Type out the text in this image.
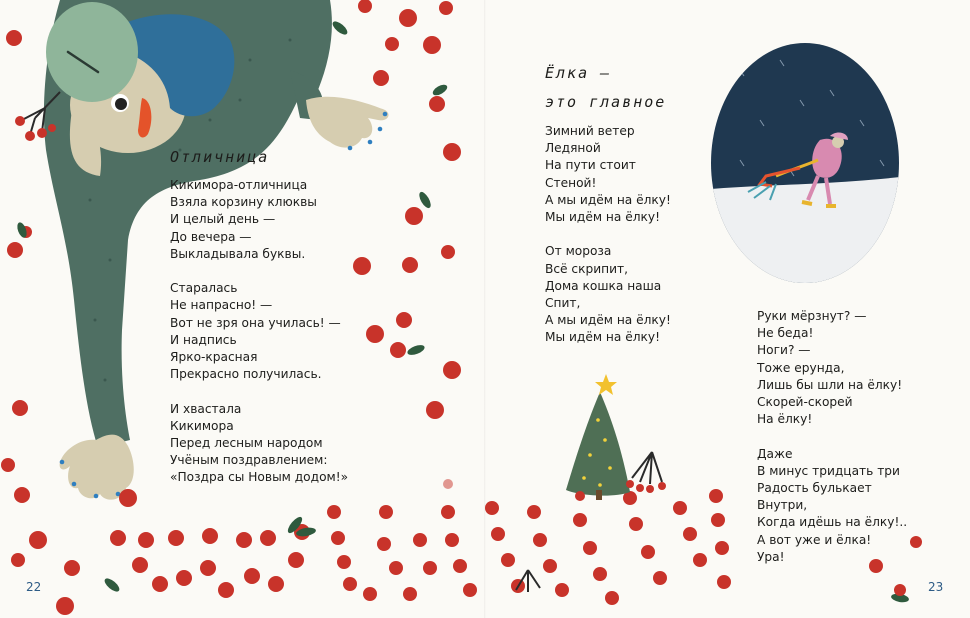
Отличница
Кикимора-отличница
Взяла корзину клюквы
И целый день —
До вечера —
Выкладывала буквы.
Старалась
Не напрасно! —
Вот не зря она училась! —
И надпись
Ярко-красная
Прекрасно получилась.
И хвастала
Кикимора
Перед лесным народом
Учёным поздравлением:
«Поздра сы Новым додом!»
22
Ёлка —
это главное
Зимний ветер
Ледяной
На пути стоит
Стеной!
А мы идём на ёлку!
Мы идём на ёлку!
От мороза
Всё скрипит,
Дома кошка наша
Спит,
А мы идём на ёлку!
Мы идём на ёлку!
Руки мёрзнут? —
Не беда!
Ноги? —
Тоже ерунда,
Лишь бы шли на ёлку!
Скорей-скорей
На ёлку!
Даже
В минус тридцать три
Радость булькает
Внутри,
Когда идёшь на ёлку!..
А вот уже и ёлка!
Ура!
23
